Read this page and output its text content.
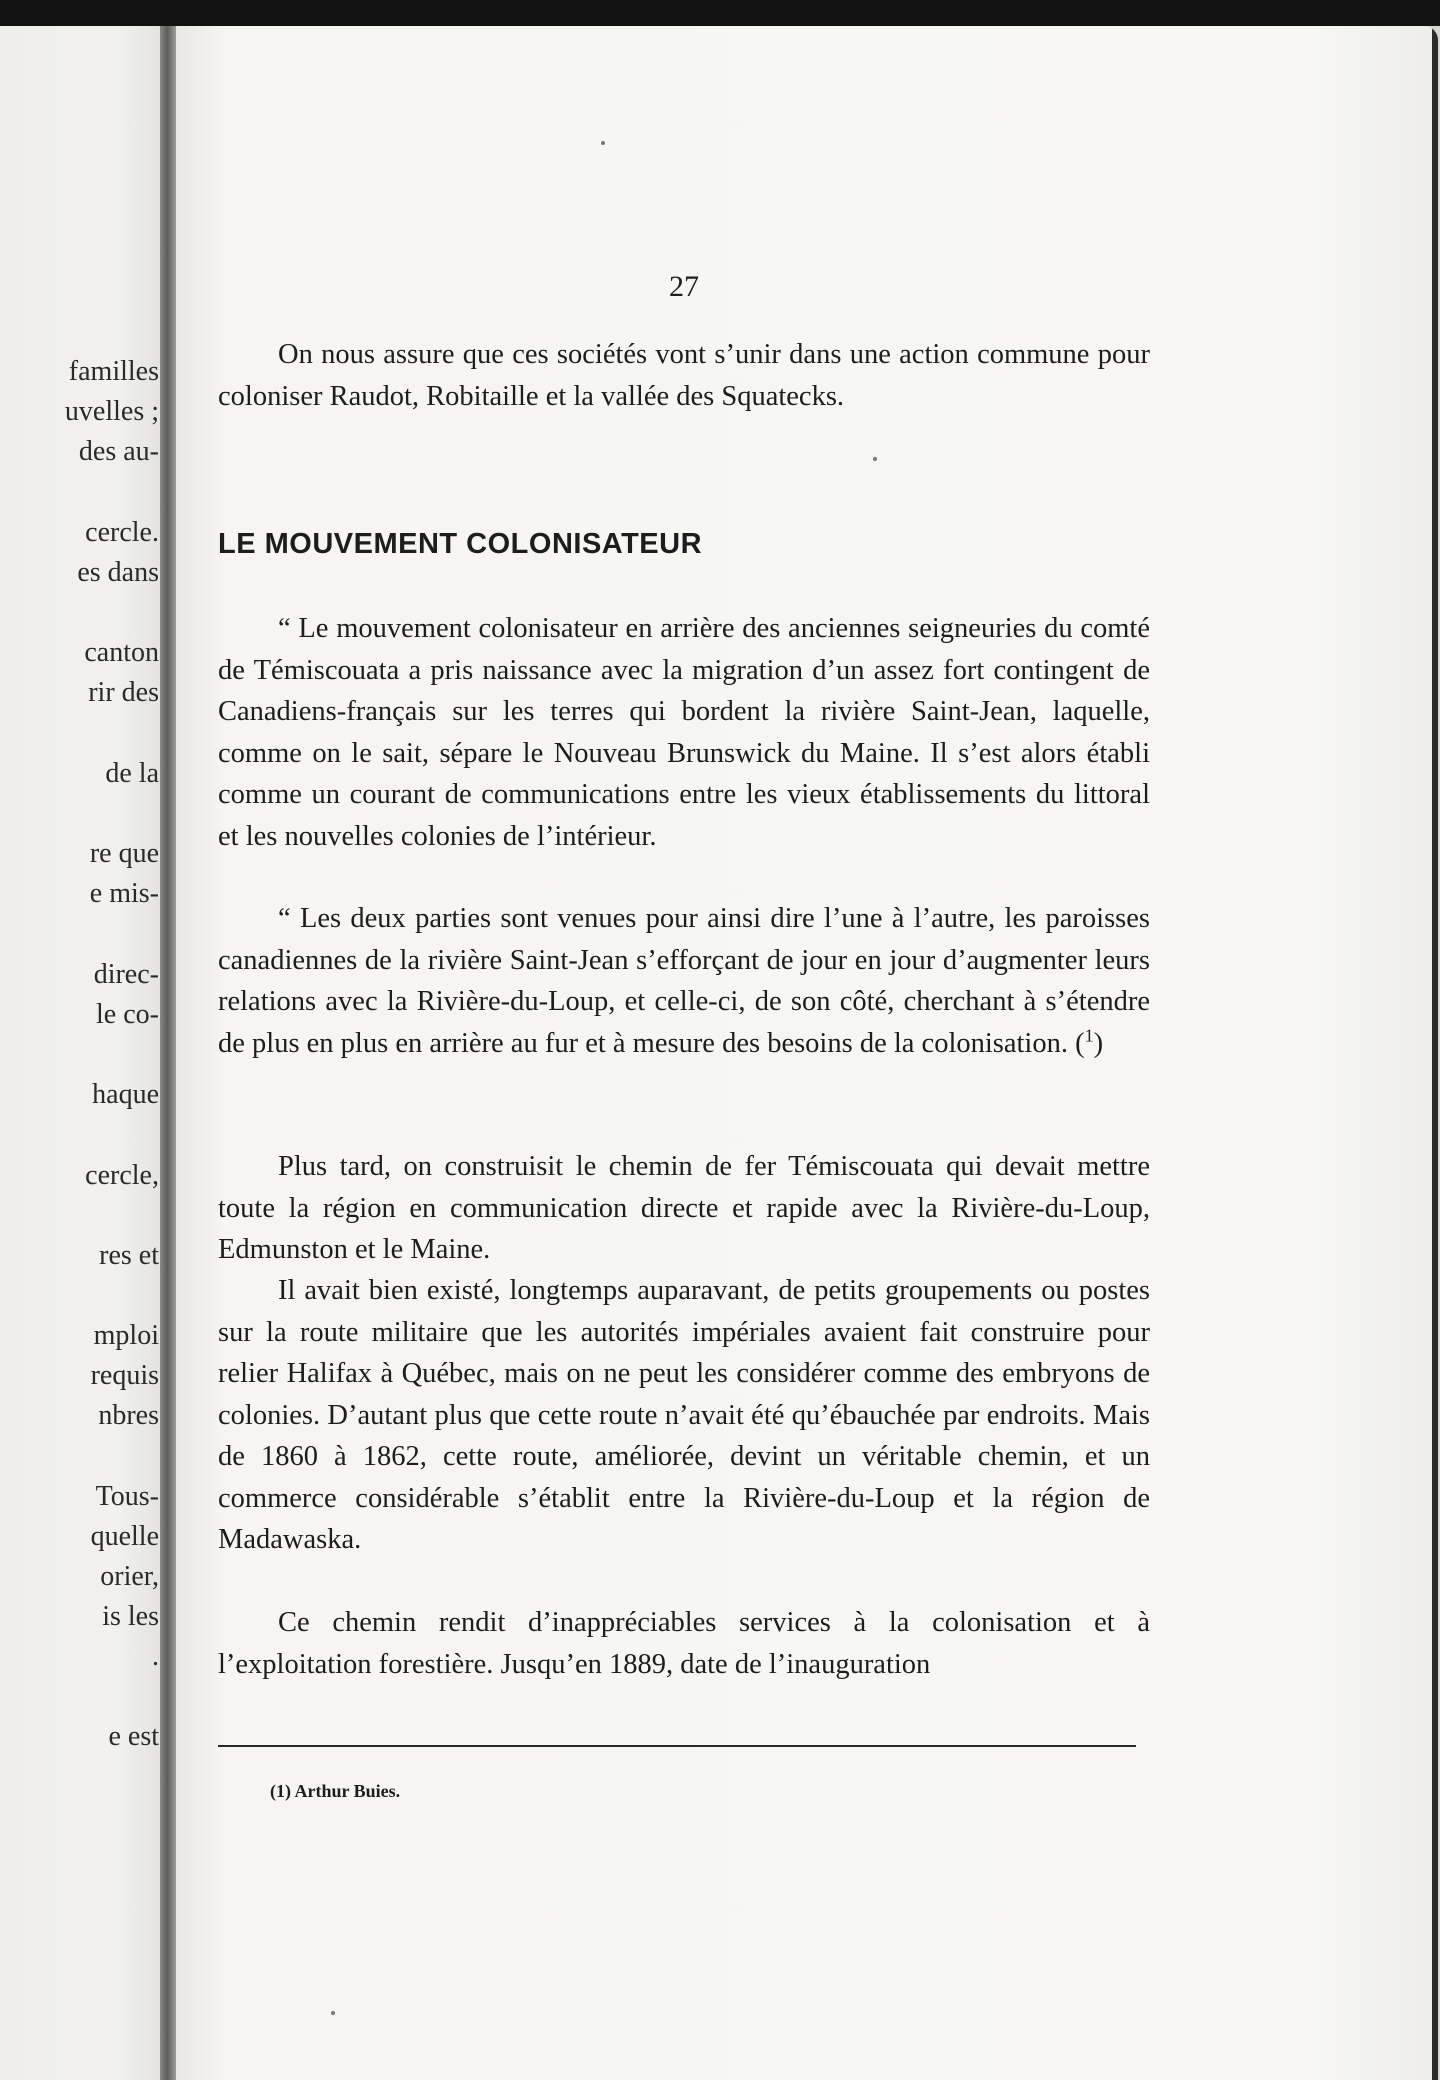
familles
uvelles ;
des au-
cercle.
es dans
canton
rir des
de la
re que
e mis-
direc-
le co-
haque
cercle,
res et
mploi
requis
nbres
Tous-
quelle
orier,
is les
.
e est
27

On nous assure que ces sociétés vont s’unir dans une action commune pour coloniser Raudot, Robitaille et la vallée des Squatecks.

LE MOUVEMENT COLONISATEUR

“ Le mouvement colonisateur en arrière des anciennes seigneuries du comté de Témiscouata a pris naissance avec la migration d’un assez fort contingent de Canadiens-français sur les terres qui bordent la rivière Saint-Jean, laquelle, comme on le sait, sépare le Nouveau Brunswick du Maine. Il s’est alors établi comme un courant de communications entre les vieux établissements du littoral et les nouvelles colonies de l’intérieur.

“ Les deux parties sont venues pour ainsi dire l’une à l’autre, les paroisses canadiennes de la rivière Saint-Jean s’efforçant de jour en jour d’augmenter leurs relations avec la Rivière-du-Loup, et celle-ci, de son côté, cherchant à s’étendre de plus en plus en arrière au fur et à mesure des besoins de la colonisation. ($^1$)

Plus tard, on construisit le chemin de fer Témiscouata qui devait mettre toute la région en communication directe et rapide avec la Rivière-du-Loup, Edmunston et le Maine.

Il avait bien existé, longtemps auparavant, de petits groupements ou postes sur la route militaire que les autorités impériales avaient fait construire pour relier Halifax à Québec, mais on ne peut les considérer comme des embryons de colonies. D’autant plus que cette route n’avait été qu’ébauchée par endroits. Mais de 1860 à 1862, cette route, améliorée, devint un véritable chemin, et un commerce considérable s’établit entre la Rivière-du-Loup et la région de Madawaska.

Ce chemin rendit d’inappréciables services à la colonisation et à l’exploitation forestière. Jusqu’en 1889, date de l’inauguration

(1) Arthur Buies.
